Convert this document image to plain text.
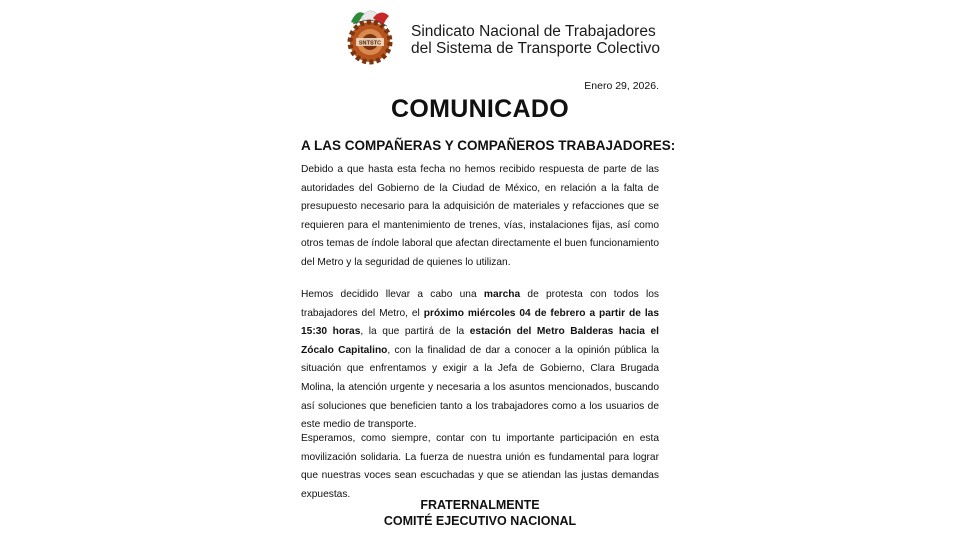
SNTSTC
Sindicato Nacional de Trabajadores
del Sistema de Transporte Colectivo
Enero 29, 2026.
COMUNICADO
A LAS COMPAÑERAS Y COMPAÑEROS TRABAJADORES:

Debido a que hasta esta fecha no hemos recibido respuesta de parte de las autoridades del Gobierno de la Ciudad de México, en relación a la falta de presupuesto necesario para la adquisición de materiales y refacciones que se requieren para el mantenimiento de trenes, vías, instalaciones fijas, así como otros temas de índole laboral que afectan directamente el buen funcionamiento del Metro y la seguridad de quienes lo utilizan.

Hemos decidido llevar a cabo una marcha de protesta con todos los trabajadores del Metro, el próximo miércoles 04 de febrero a partir de las 15:30 horas, la que partirá de la estación del Metro Balderas hacia el Zócalo Capitalino, con la finalidad de dar a conocer a la opinión pública la situación que enfrentamos y exigir a la Jefa de Gobierno, Clara Brugada Molina, la atención urgente y necesaria a los asuntos mencionados, buscando así soluciones que beneficien tanto a los trabajadores como a los usuarios de este medio de transporte.

Esperamos, como siempre, contar con tu importante participación en esta movilización solidaria. La fuerza de nuestra unión es fundamental para lograr que nuestras voces sean escuchadas y que se atiendan las justas demandas expuestas.

FRATERNALMENTE
COMITÉ EJECUTIVO NACIONAL
